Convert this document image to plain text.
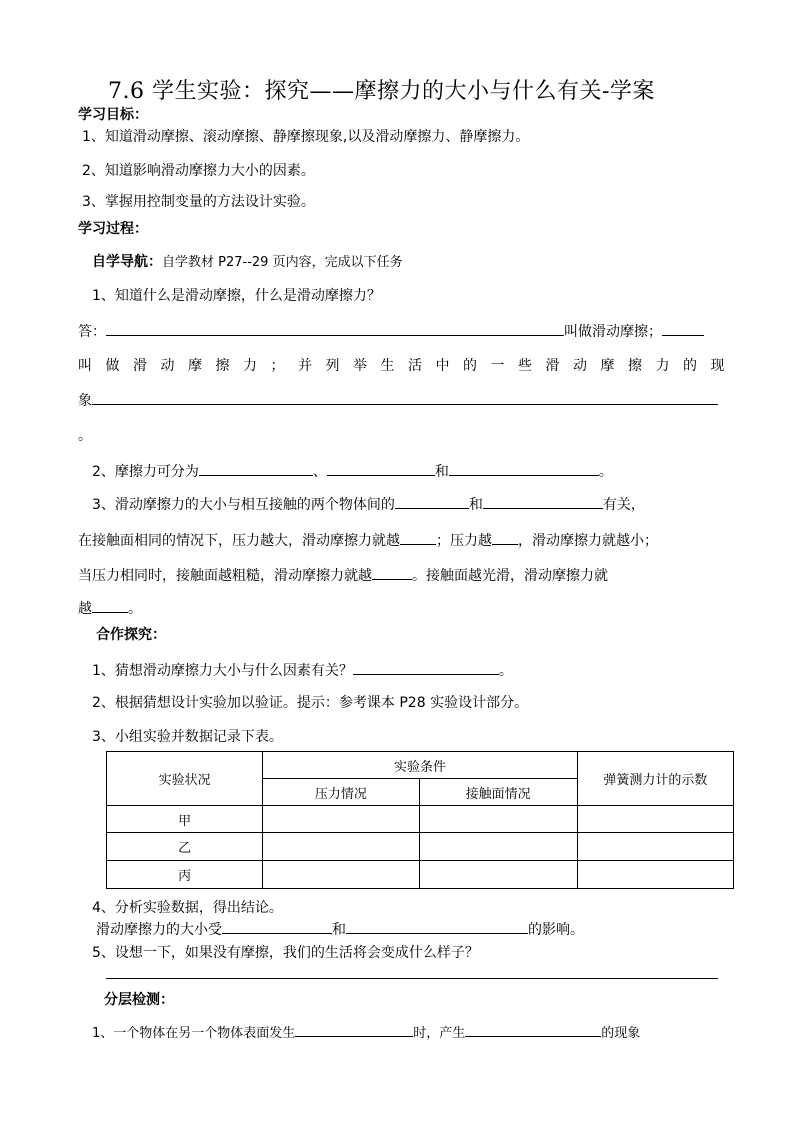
7.6 学生实验：探究——摩擦力的大小与什么有关-学案
学习目标：
1、知道滑动摩擦、滚动摩擦、静摩擦现象,以及滑动摩擦力、静摩擦力。
2、知道影响滑动摩擦力大小的因素。
3、掌握用控制变量的方法设计实验。
学习过程：
自学导航：自学教材 P27--29 页内容，完成以下任务
1、知道什么是滑动摩擦，什么是滑动摩擦力？
答：	叫做滑动摩擦；
叫做滑动摩擦力；并列举生活中的一些滑动摩擦力的现
象
。
2、摩擦力可分为	、	和	。
3、滑动摩擦力的大小与相互接触的两个物体间的	和	有关，
在接触面相同的情况下，压力越大，滑动摩擦力就越	；压力越 ，滑动摩擦力就越小；
当压力相同时，接触面越粗糙，滑动摩擦力就越	。接触面越光滑，滑动摩擦力就
越	。
合作探究：
1、猜想滑动摩擦力大小与什么因素有关？	。
2、根据猜想设计实验加以验证。提示：参考课本 P28 实验设计部分。
3、小组实验并数据记录下表。
实验状况	实验条件		弹簧测力计的示数
	压力情况	接触面情况	
甲			
乙			
丙			
4、分析实验数据，得出结论。
滑动摩擦力的大小受	和	的影响。
5、设想一下，如果没有摩擦，我们的生活将会变成什么样子？
分层检测：
1、一个物体在另一个物体表面发生	时，产生	的现象
